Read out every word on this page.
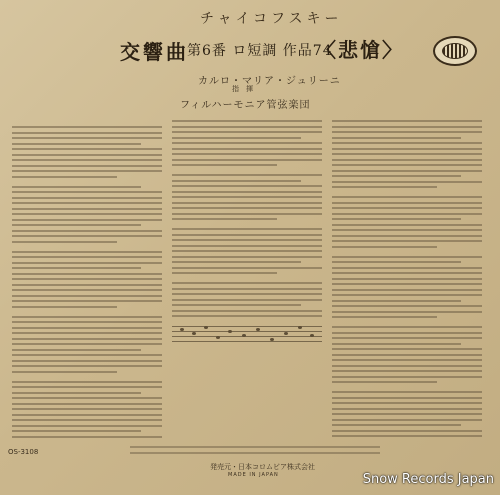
チャイコフスキー
交響曲
第6番 ロ短調 作品74
〈悲愴〉
カルロ・マリア・ジュリーニ
指　揮
フィルハーモニア管弦楽団
OS-3108
発売元・日本コロムビア株式会社
MADE IN JAPAN	Snow Records Japan
